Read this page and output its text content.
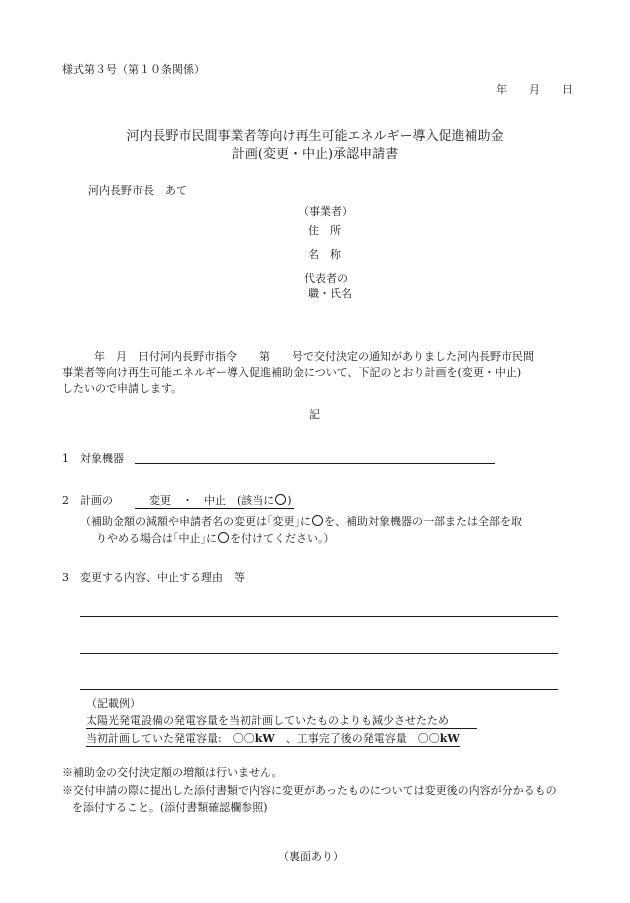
様式第３号（第１０条関係）
年　　月　　日
河内長野市民間事業者等向け再生可能エネルギー導入促進補助金
計画(変更・中止)承認申請書
河内長野市長　あて
（事業者）
住　所
名　称
代表者の
職・氏名
年　月　日付河内長野市指令　　第　　号で交付決定の通知がありました河内長野市民間
事業者等向け再生可能エネルギー導入促進補助金について、下記のとおり計画を(変更・中止)
したいので申請します。
記
1　対象機器
2　計画の	変更　・　中止　(該当に○)
（補助金額の減額や申請者名の変更は｢変更｣に○を、補助対象機器の一部または全部を取
りやめる場合は｢中止｣に○を付けてください。）
3　変更する内容、中止する理由　等
（記載例）
太陽光発電設備の発電容量を当初計画していたものよりも減少させたため
当初計画していた発電容量:　〇〇kW　、工事完了後の発電容量　〇〇kW
※補助金の交付決定額の増額は行いません。
※交付申請の際に提出した添付書類で内容に変更があったものについては変更後の内容が分かるもの
を添付すること。(添付書類確認欄参照)
（裏面あり）
